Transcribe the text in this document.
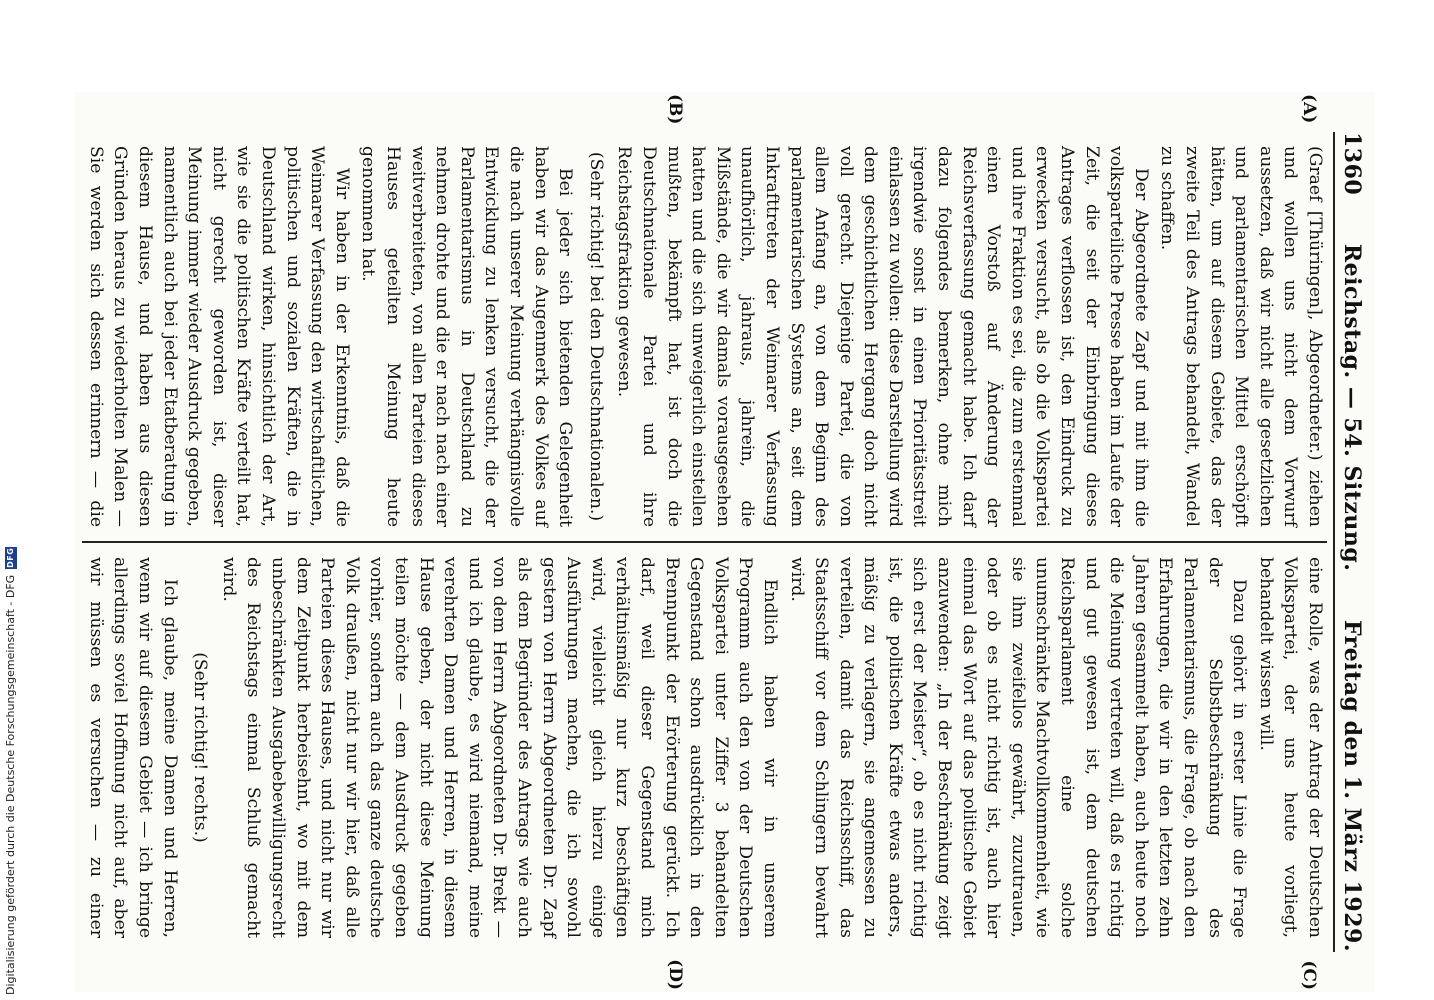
1360
Reichstag. — 54. Sitzung.
Freitag den 1. März 1929.

(Graef [Thüringen], Abgeordneter.) ziehen und wollen uns nicht dem Vorwurf aussetzen, daß wir nicht alle gesetzlichen und parlamentarischen Mittel erschöpft hätten, um auf diesem Gebiete, das der zweite Teil des Antrags behandelt, Wandel zu schaffen.

Der Abgeordnete Zapf und mit ihm die volksparteiliche Presse haben im Laufe der Zeit, die seit der Einbringung dieses Antrages verflossen ist, den Eindruck zu erwecken versucht, als ob die Volkspartei und ihre Fraktion es sei, die zum erstenmal einen Vorstoß auf Änderung der Reichsverfassung gemacht habe. Ich darf dazu folgendes bemerken, ohne mich irgendwie sonst in einen Prioritätsstreit einlassen zu wollen: diese Darstellung wird dem geschichtlichen Hergang doch nicht voll gerecht. Diejenige Partei, die von allem Anfang an, von dem Beginn des parlamentarischen Systems an, seit dem Inkrafttreten der Weimarer Verfassung unaufhörlich, jahraus, jahrein, die Mißstände, die wir damals vorausgesehen hatten und die sich unweigerlich einstellen mußten, bekämpft hat, ist doch die Deutschnationale Partei und ihre Reichstagsfraktion gewesen.

(Sehr richtig! bei den Deutschnationalen.)

Bei jeder sich bietenden Gelegenheit haben wir das Augenmerk des Volkes auf die nach unserer Meinung verhängnisvolle Entwicklung zu lenken versucht, die der Parlamentarismus in Deutschland zu nehmen drohte und die er nach nach einer weitverbreiteten, von allen Parteien dieses Hauses geteilten Meinung heute genommen hat.

Wir haben in der Erkenntnis, daß die Weimarer Verfassung den wirtschaftlichen, politischen und sozialen Kräften, die in Deutschland wirken, hinsichtlich der Art, wie sie die politischen Kräfte verteilt hat, nicht gerecht geworden ist, dieser Meinung immer wieder Ausdruck gegeben, namentlich auch bei jeder Etatberatung in diesem Hause, und haben aus diesen Gründen heraus zu wiederholten Malen — Sie werden sich dessen erinnern — die

eine Rolle, was der Antrag der Deutschen Volkspartei, der uns heute vorliegt, behandelt wissen will.

Dazu gehört in erster Linie die Frage der Selbstbeschränkung des Parlamentarismus, die Frage, ob nach den Erfahrungen, die wir in den letzten zehn Jahren gesammelt haben, auch heute noch die Meinung vertreten will, daß es richtig und gut gewesen ist, dem deutschen Reichsparlament eine solche unumschränkte Machtvollkommenheit, wie sie ihm zweifellos gewährt, zuzutrauen, oder ob es nicht richtig ist, auch hier einmal das Wort auf das politische Gebiet anzuwenden: „In der Beschränkung zeigt sich erst der Meister“, ob es nicht richtig ist, die politischen Kräfte etwas anders, mäßig zu verlagern, sie angemessen zu verteilen, damit das Reichsschiff, das Staatsschiff vor dem Schlingern bewahrt wird.

Endlich haben wir in unserem Programm auch den von der Deutschen Volkspartei unter Ziffer 3 behandelten Gegenstand schon ausdrücklich in den Brennpunkt der Erörterung gerückt. Ich darf, weil dieser Gegenstand mich verhältnismäßig nur kurz beschäftigen wird, vielleicht gleich hierzu einige Ausführungen machen, die ich sowohl gestern von Herrn Abgeordneten Dr. Zapf als dem Begründer des Antrags wie auch von dem Herrn Abgeordneten Dr. Brekt — und ich glaube, es wird niemand, meine verehrten Damen und Herren, in diesem Hause geben, der nicht diese Meinung teilen möchte — dem Ausdruck gegeben vorhier, sondern auch das ganze deutsche Volk draußen, nicht nur wir hier, daß alle Parteien dieses Hauses, und nicht nur wir dem Zeitpunkt herbeisehnt, wo mit dem unbeschränkten Ausgabebewilligungsrecht des Reichstags einmal Schluß gemacht wird.

(Sehr richtig! rechts.)

Ich glaube, meine Damen und Herren, wenn wir auf diesem Gebiet — ich bringe allerdings soviel Hoffnung nicht auf, aber wir müssen es versuchen — zu einer

(A)
(B)
(C)
(D)
Digitalisierung gefördert durch die Deutsche Forschungsgemeinschaft - DFG
DFG
